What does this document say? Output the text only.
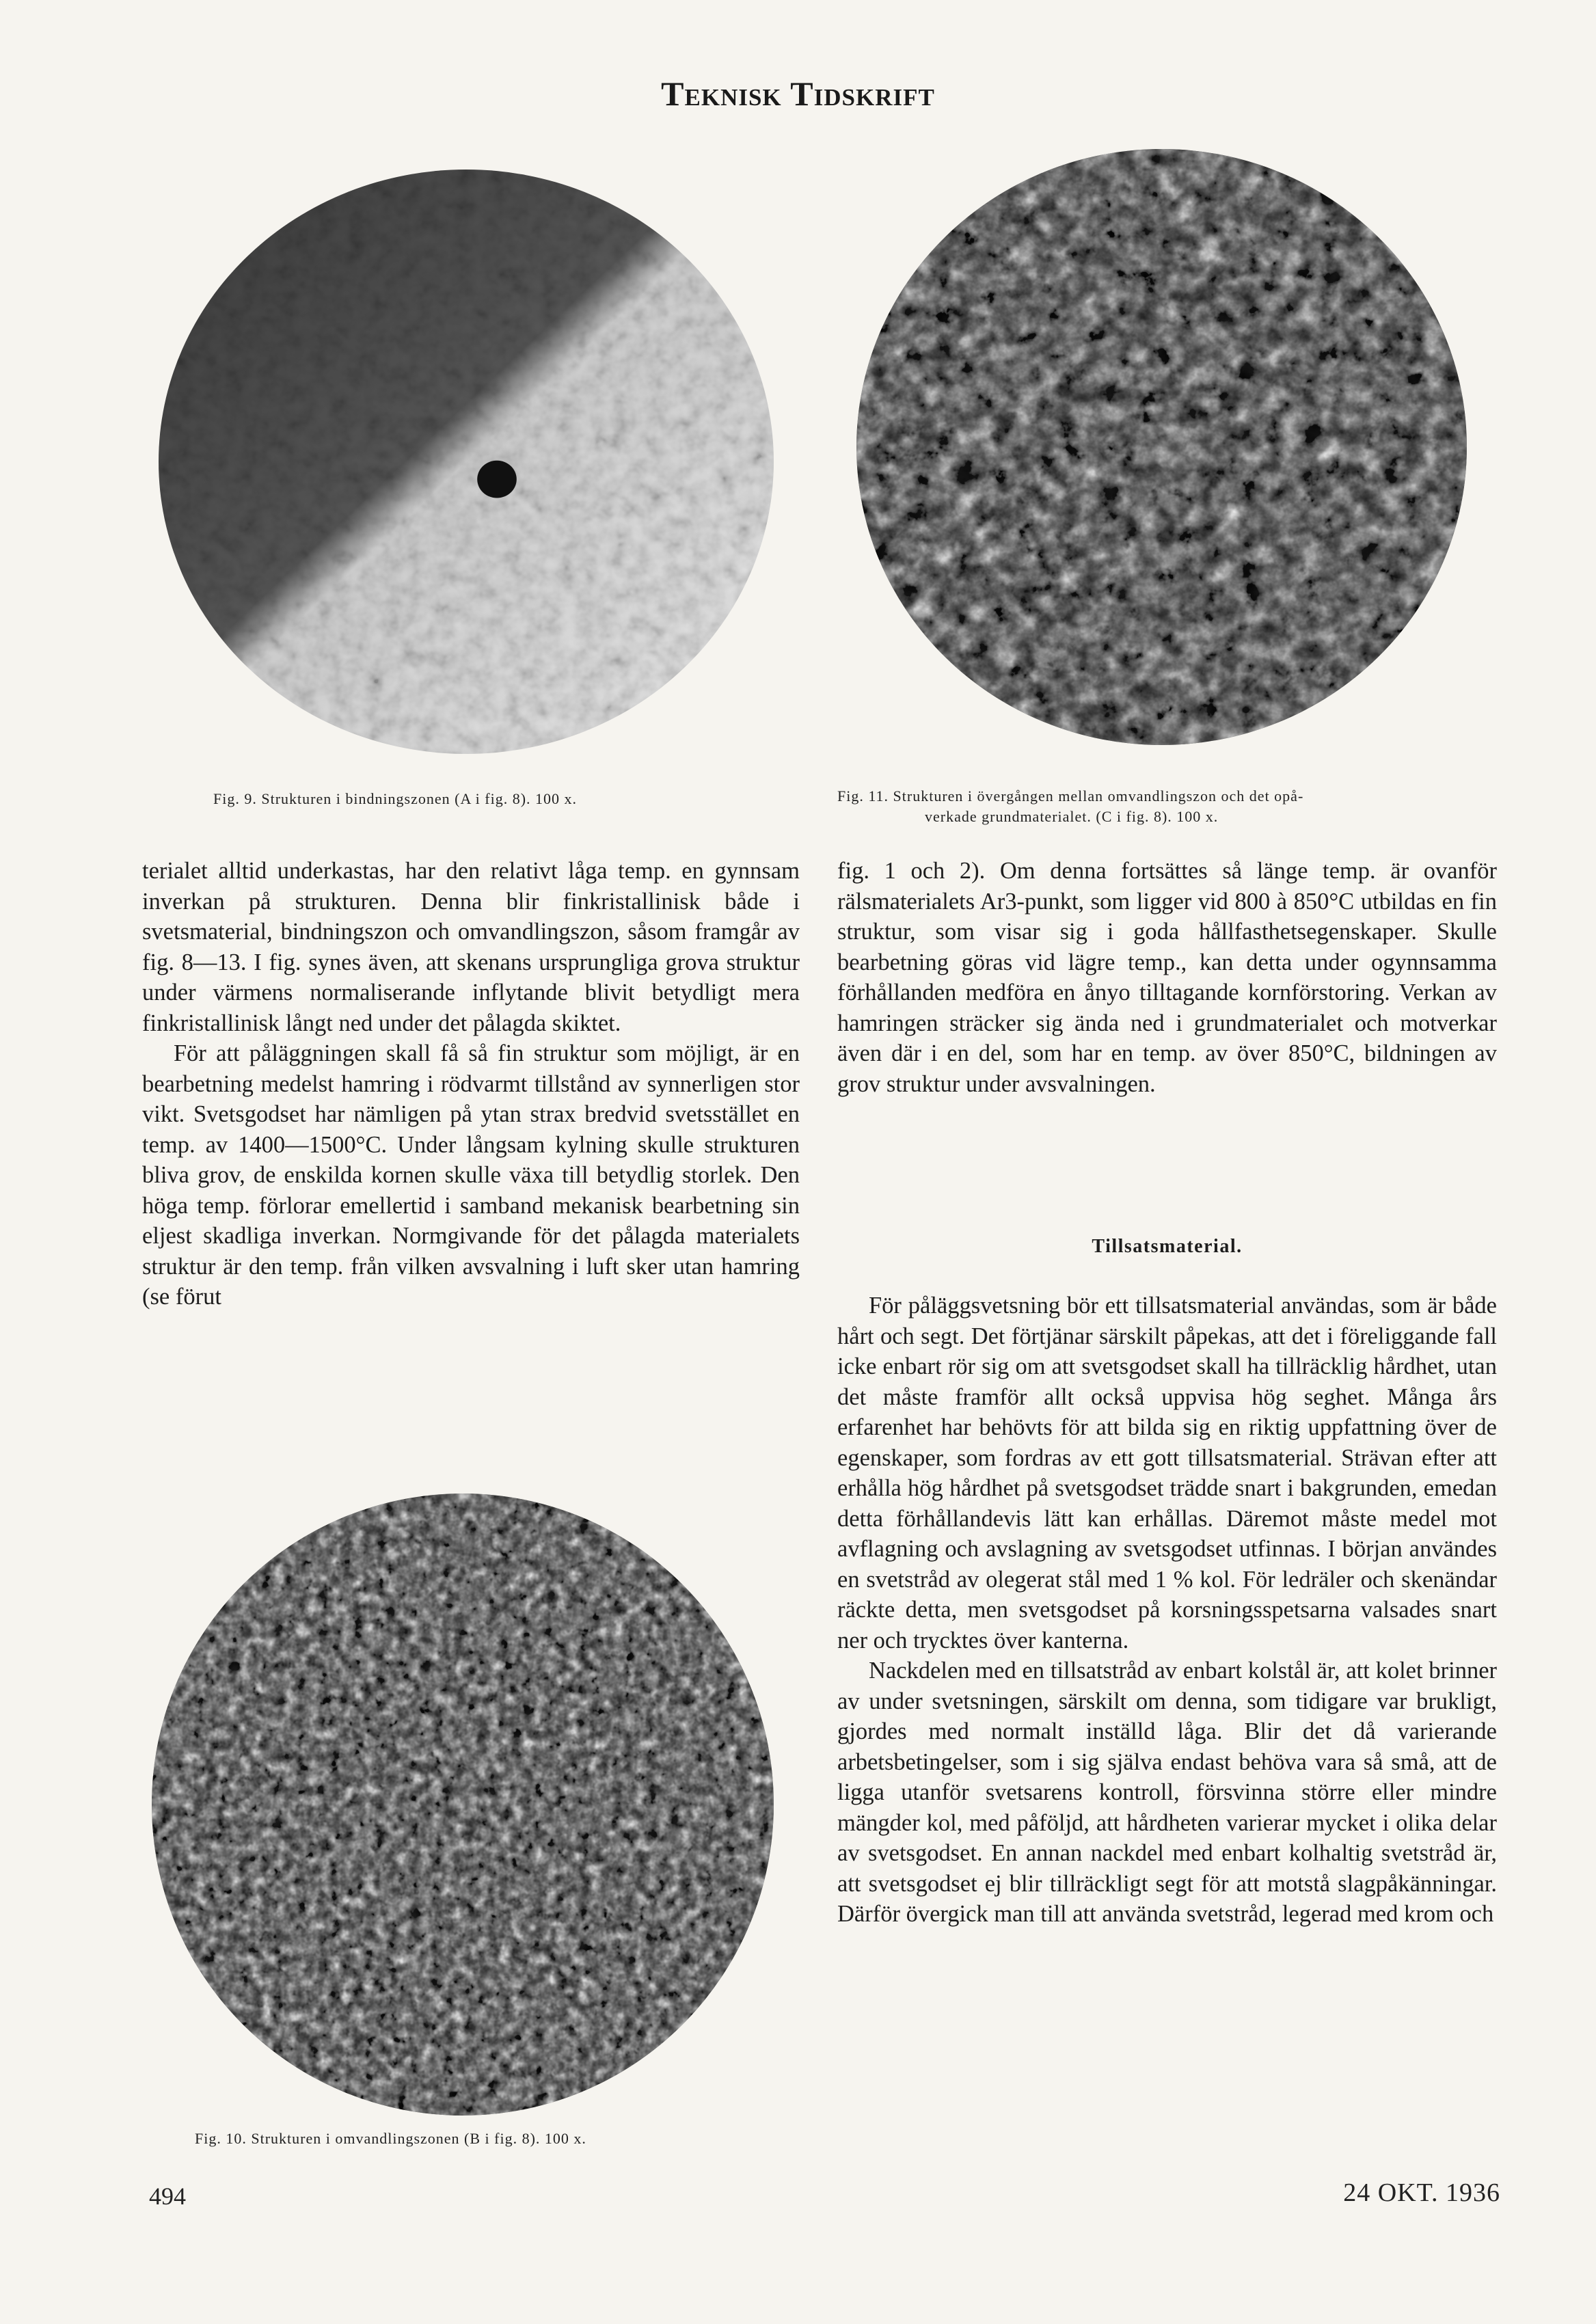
Teknisk Tidskrift
Fig. 9. Strukturen i bindningszonen (A i fig. 8). 100 x.	Fig. 11. Strukturen i övergången mellan omvandlingszon och det opå-
verkade grundmaterialet. (C i fig. 8). 100 x.
Fig. 10. Strukturen i omvandlingszonen (B i fig. 8). 100 x.

terialet alltid underkastas, har den relativt låga temp. en gynnsam inverkan på strukturen. Denna blir finkristallinisk både i svetsmaterial, bindningszon och omvandlingszon, såsom framgår av fig. 8—13. I fig. synes även, att skenans ursprungliga grova struktur under värmens normaliserande inflytande blivit betydligt mera finkristallinisk långt ned under det pålagda skiktet.

För att påläggningen skall få så fin struktur som möjligt, är en bearbetning medelst hamring i rödvarmt tillstånd av synnerligen stor vikt. Svetsgodset har nämligen på ytan strax bredvid svetsstället en temp. av 1400—1500°C. Under långsam kylning skulle strukturen bliva grov, de enskilda kornen skulle växa till betydlig storlek. Den höga temp. förlorar emellertid i samband mekanisk bearbetning sin eljest skadliga inverkan. Normgivande för det pålagda materialets struktur är den temp. från vilken avsvalning i luft sker utan hamring (se förut

fig. 1 och 2). Om denna fortsättes så länge temp. är ovanför rälsmaterialets Ar3-punkt, som ligger vid 800 à 850°C utbildas en fin struktur, som visar sig i goda hållfasthetsegenskaper. Skulle bearbetning göras vid lägre temp., kan detta under ogynnsamma förhållanden medföra en ånyo tilltagande kornförstoring. Verkan av hamringen sträcker sig ända ned i grundmaterialet och motverkar även där i en del, som har en temp. av över 850°C, bildningen av grov struktur under avsvalningen.

Tillsatsmaterial.

För påläggsvetsning bör ett tillsatsmaterial användas, som är både hårt och segt. Det förtjänar särskilt påpekas, att det i föreliggande fall icke enbart rör sig om att svetsgodset skall ha tillräcklig hårdhet, utan det måste framför allt också uppvisa hög seghet. Många års erfarenhet har behövts för att bilda sig en riktig uppfattning över de egenskaper, som fordras av ett gott tillsatsmaterial. Strävan efter att erhålla hög hårdhet på svetsgodset trädde snart i bakgrunden, emedan detta förhållandevis lätt kan erhållas. Däremot måste medel mot avflagning och avslagning av svetsgodset utfinnas. I början användes en svetstråd av olegerat stål med 1 % kol. För ledräler och skenändar räckte detta, men svetsgodset på korsningsspetsarna valsades snart ner och trycktes över kanterna.

Nackdelen med en tillsatstråd av enbart kolstål är, att kolet brinner av under svetsningen, särskilt om denna, som tidigare var brukligt, gjordes med normalt inställd låga. Blir det då varierande arbetsbetingelser, som i sig själva endast behöva vara så små, att de ligga utanför svetsarens kontroll, försvinna större eller mindre mängder kol, med påföljd, att hårdheten varierar mycket i olika delar av svetsgodset. En annan nackdel med enbart kolhaltig svetstråd är, att svetsgodset ej blir tillräckligt segt för att motstå slagpåkänningar. Därför övergick man till att använda svetstråd, legerad med krom och

494	24 OKT. 1936
